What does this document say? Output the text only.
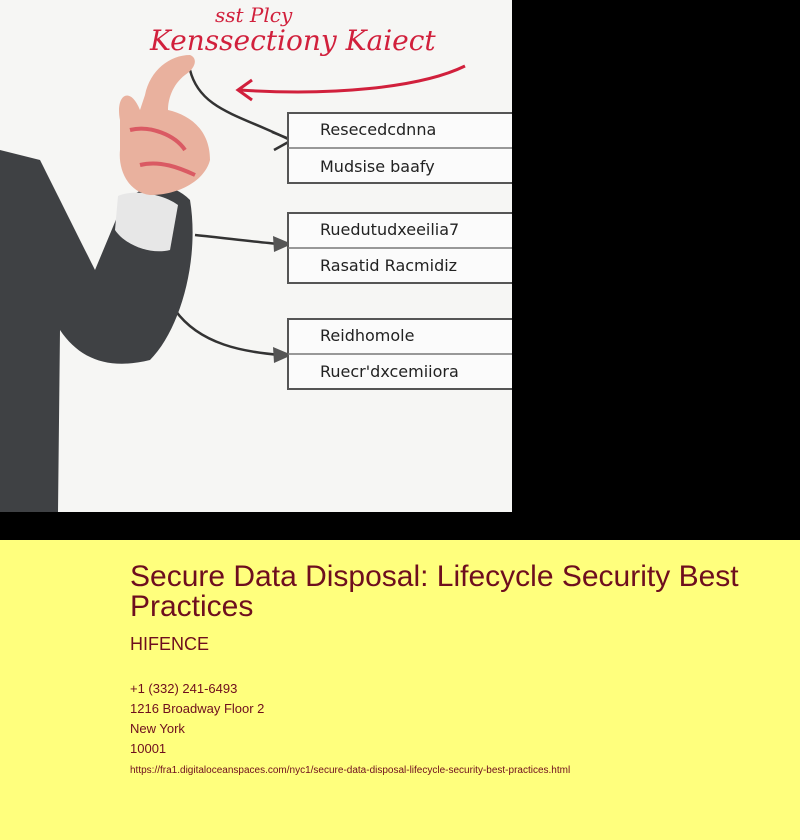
sst Plcy
Kenssectiony Kaiect
Resecedcdnna
Mudsise baafy
Ruedutudxeeilia7
Rasatid Racmidiz
Reidhomole
Ruecr'dxcemiiora
Secure Data Disposal: Lifecycle Security Best Practices
HIFENCE
+1 (332) 241-6493
1216 Broadway Floor 2
New York
10001
https://fra1.digitaloceanspaces.com/nyc1/secure-data-disposal-lifecycle-security-best-practices.html
